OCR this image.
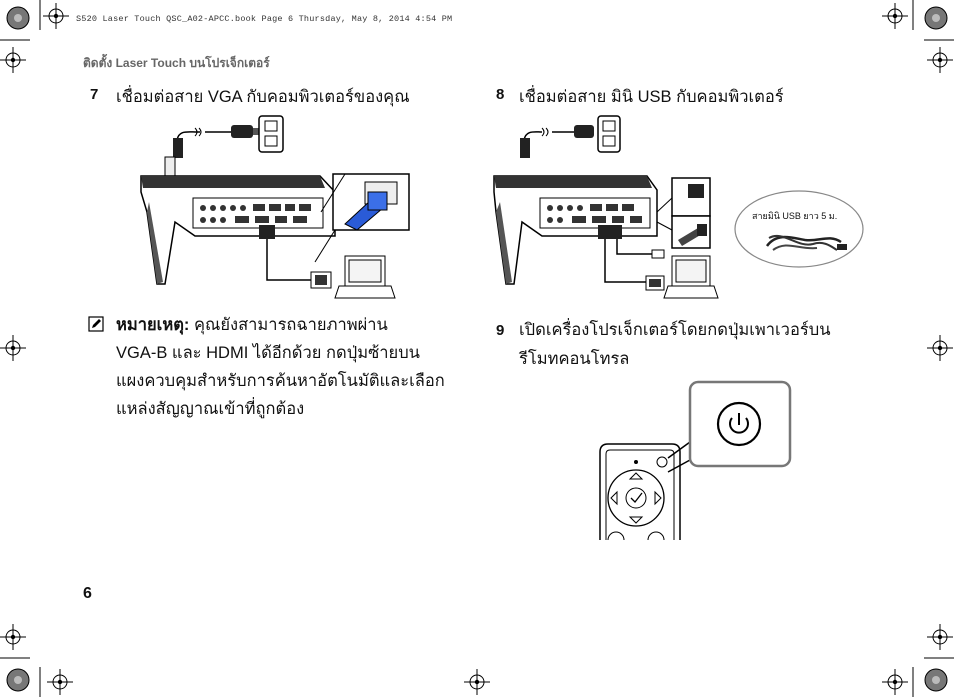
S520 Laser Touch QSC_A02-APCC.book Page 6 Thursday, May 8, 2014 4:54 PM
ติดตั้ง Laser Touch บนโปรเจ็กเตอร์
7 เชื่อมต่อสาย VGA กับคอมพิวเตอร์ของคุณ	8 เชื่อมต่อสาย มินิ USB กับคอมพิวเตอร์
สายมินิ USB ยาว 5 ม.
หมายเหตุ: คุณยังสามารถฉายภาพผ่าน
VGA-B และ HDMI ได้อีกด้วย กดปุ่มซ้ายบน
แผงควบคุมสำหรับการค้นหาอัตโนมัติและเลือก
แหล่งสัญญาณเข้าที่ถูกต้อง
9 เปิดเครื่องโปรเจ็กเตอร์โดยกดปุ่มเพาเวอร์บน
รีโมทคอนโทรล
6
